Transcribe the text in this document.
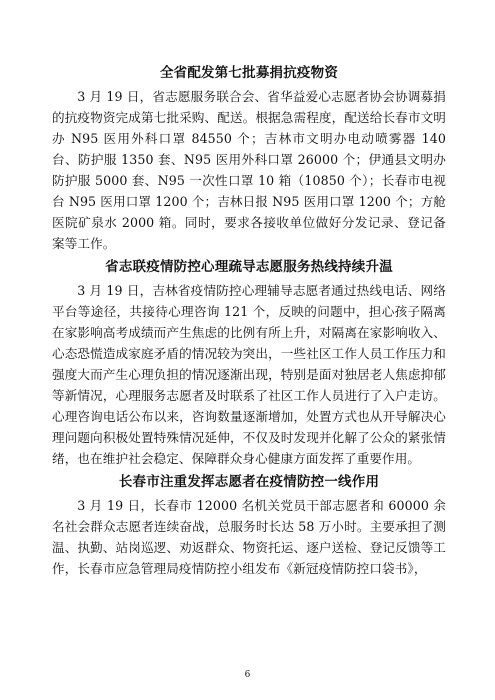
全省配发第七批募捐抗疫物资

3 月 19 日，省志愿服务联合会、省华益爱心志愿者协会协调募捐的抗疫物资完成第七批采购、配送。根据急需程度，配送给长春市文明办 N95 医用外科口罩 84550 个；吉林市文明办电动喷雾器 140 台、防护服 1350 套、N95 医用外科口罩 26000 个；伊通县文明办防护服 5000 套、N95 一次性口罩 10 箱（10850 个）；长春市电视台 N95 医用口罩 1200 个；吉林日报 N95 医用口罩 1200 个；方舱医院矿泉水 2000 箱。同时，要求各接收单位做好分发记录、登记备案等工作。

省志联疫情防控心理疏导志愿服务热线持续升温

3 月 19 日，吉林省疫情防控心理辅导志愿者通过热线电话、网络平台等途径，共接待心理咨询 121 个，反映的问题中，担心孩子隔离在家影响高考成绩而产生焦虑的比例有所上升，对隔离在家影响收入、心态恐慌造成家庭矛盾的情况较为突出，一些社区工作人员工作压力和强度大而产生心理负担的情况逐渐出现，特别是面对独居老人焦虑抑郁等新情况，心理服务志愿者及时联系了社区工作人员进行了入户走访。心理咨询电话公布以来，咨询数量逐渐增加，处置方式也从开导解决心理问题向积极处置特殊情况延伸，不仅及时发现并化解了公众的紧张情绪，也在维护社会稳定、保障群众身心健康方面发挥了重要作用。

长春市注重发挥志愿者在疫情防控一线作用

3 月 19 日，长春市 12000 名机关党员干部志愿者和 60000 余名社会群众志愿者连续奋战，总服务时长达 58 万小时。主要承担了测温、执勤、站岗巡逻、劝返群众、物资托运、逐户送检、登记反馈等工作，长春市应急管理局疫情防控小组发布《新冠疫情防控口袋书》，

6
